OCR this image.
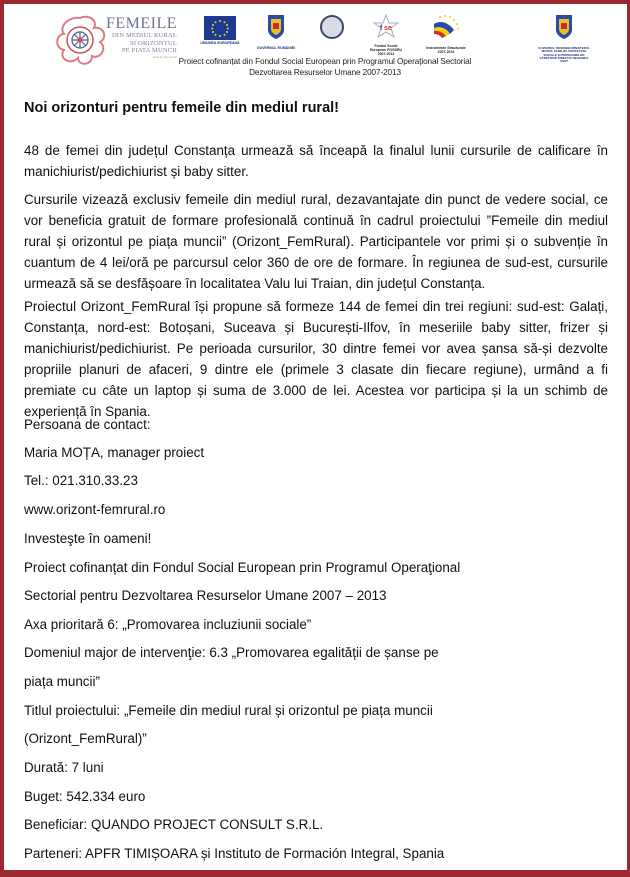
FEMEILE
DIN MEDIUL RURAL
SI ORIZONTUL
PE PIATA MUNCII
Orizont_Fem_Rural
UNIUNEA EUROPEANĂ
GUVERNUL ROMÂNIEI
f se
Fondul Social European POSDRU 2007-2013
Instrumente Structurale 2007-2013
GUVERNUL ROMÂNIEI MINISTERUL MUNCII, FAMILIEI, PROTECȚIEI SOCIALE ȘI PERSOANELOR VÂRSTNICE DIRECȚIA REGIUNEA VEST
Proiect cofinanțat din Fondul Social European prin Programul Operațional Sectorial
Dezvoltarea Resurselor Umane 2007-2013
Noi orizonturi pentru femeile din mediul rural!
48 de femei din județul Constanța urmează să înceapă la finalul lunii cursurile de calificare în manichiurist/pedichiurist și baby sitter.
Cursurile vizează exclusiv femeile din mediul rural, dezavantajate din punct de vedere social, ce vor beneficia gratuit de formare profesională continuă în cadrul proiectului ”Femeile din mediul rural și orizontul pe piața muncii” (Orizont_FemRural). Participantele vor primi și o subvenție în cuantum de 4 lei/oră pe parcursul celor 360 de ore de formare. În regiunea de sud-est, cursurile urmează să se desfășoare în localitatea Valu lui Traian, din județul Constanța.
Proiectul Orizont_FemRural își propune să formeze 144 de femei din trei regiuni: sud-est: Galați, Constanța, nord-est: Botoșani, Suceava și București-Ilfov, în meseriile baby sitter, frizer și manichiurist/pedichiurist. Pe perioada cursurilor, 30 dintre femei vor avea șansa să-și dezvolte propriile planuri de afaceri, 9 dintre ele (primele 3 clasate din fiecare regiune), urmând a fi premiate cu câte un laptop și suma de 3.000 de lei. Acestea vor participa și la un schimb de experiență în Spania.
Persoana de contact:
Maria MOȚA, manager proiect
Tel.: 021.310.33.23
www.orizont-femrural.ro
Investeşte în oameni!
Proiect cofinanțat din Fondul Social European prin Programul Operaţional
Sectorial pentru Dezvoltarea Resurselor Umane 2007 – 2013
Axa prioritară 6: „Promovarea incluziunii sociale”
Domeniul major de intervenţie: 6.3 „Promovarea egalității de șanse pe
piața muncii”
Titlul proiectului: „Femeile din mediul rural și orizontul pe piața muncii
(Orizont_FemRural)”
Durată: 7 luni
Buget: 542.334 euro
Beneficiar: QUANDO PROJECT CONSULT S.R.L.
Parteneri: APFR TIMIȘOARA și Instituto de Formación Integral, Spania
